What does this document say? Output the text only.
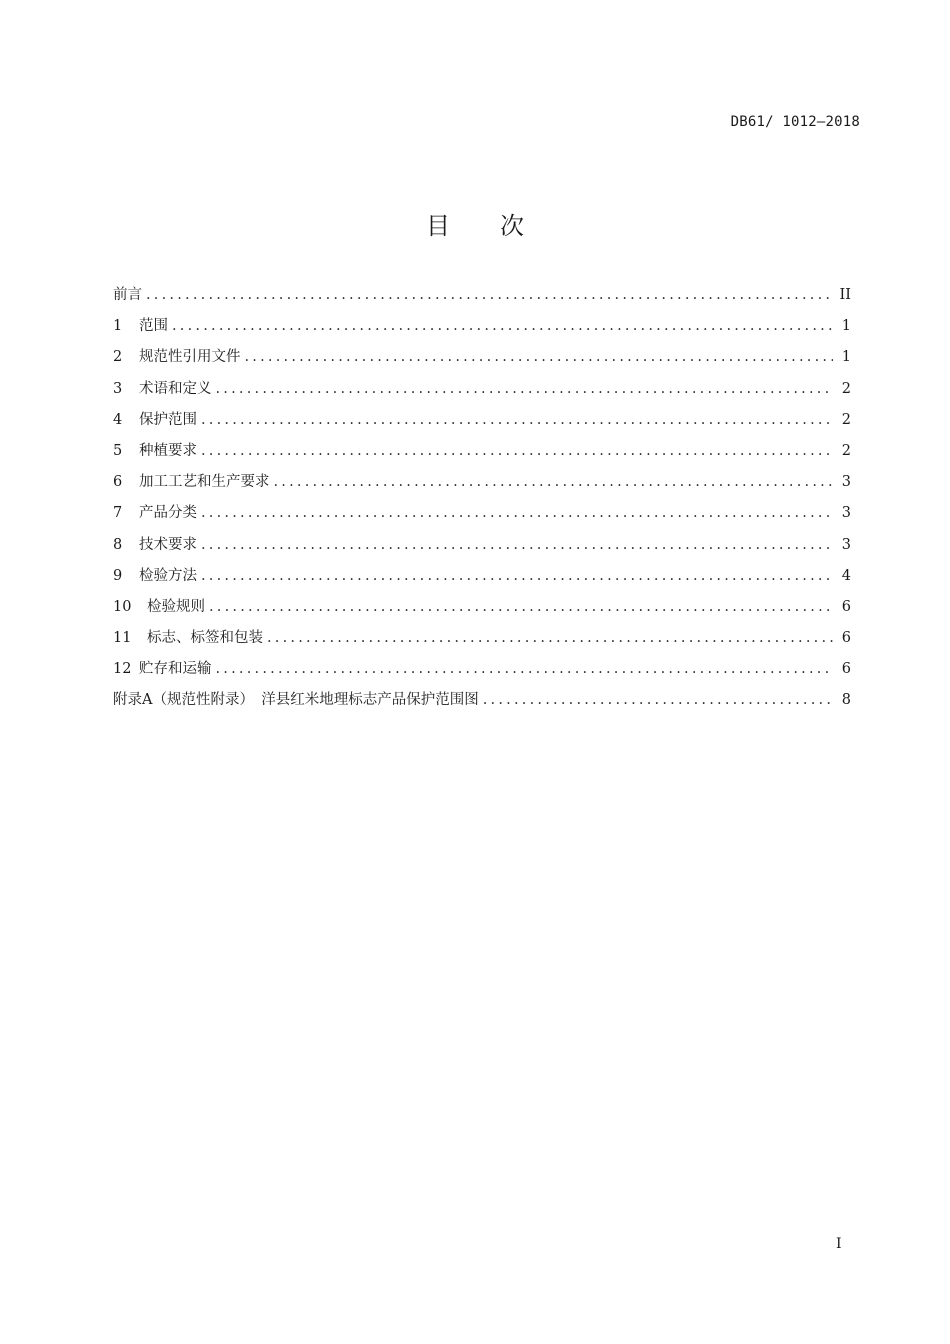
DB61/ 1012—2018
目次
前言 .....	II
1	范围 .....	1
2	规范性引用文件 .....	1
3	术语和定义 .....	2
4	保护范围 .....	2
5	种植要求 .....	2
6	加工工艺和生产要求 .....	3
7	产品分类 .....	3
8	技术要求 .....	3
9	检验方法 .....	4
10	检验规则 .....	6
11	标志、标签和包装 .....	6
12 贮存和运输 .....	6
附录A（规范性附录）　洋县红米地理标志产品保护范围图 .....	8
I
